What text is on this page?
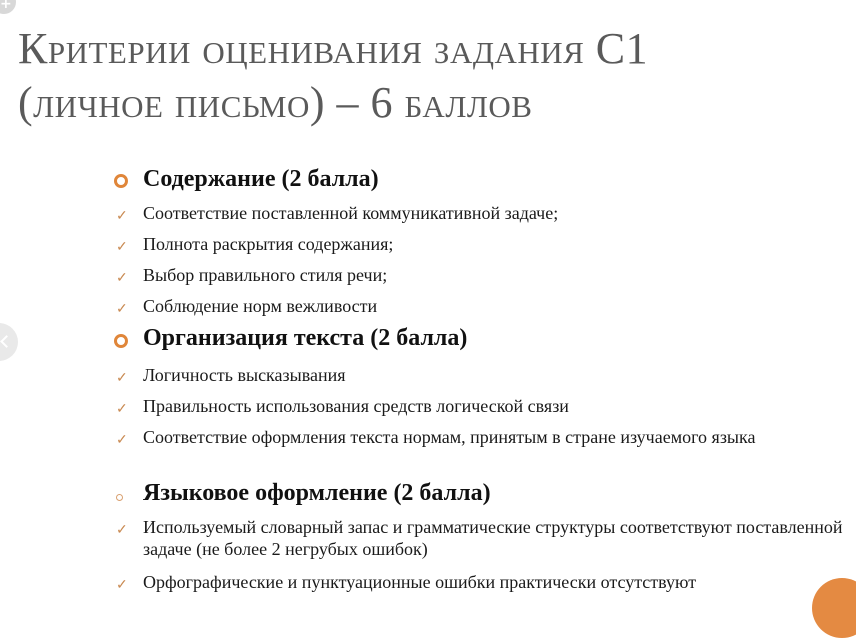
+
Критерии оценивания задания С1
(личное письмо) – 6 баллов
Содержание (2 балла)
✓ Соответствие поставленной коммуникативной задаче;
✓ Полнота раскрытия содержания;
✓ Выбор правильного стиля речи;
✓ Соблюдение норм вежливости
Организация текста (2 балла)
✓ Логичность высказывания
✓ Правильность использования средств логической связи
✓ Соответствие оформления текста нормам, принятым в стране изучаемого языка
Языковое оформление (2 балла)
✓ Используемый словарный запас и грамматические структуры соответствуют поставленной задаче (не более 2 негрубых ошибок)
✓ Орфографические и пунктуационные ошибки практически отсутствуют
